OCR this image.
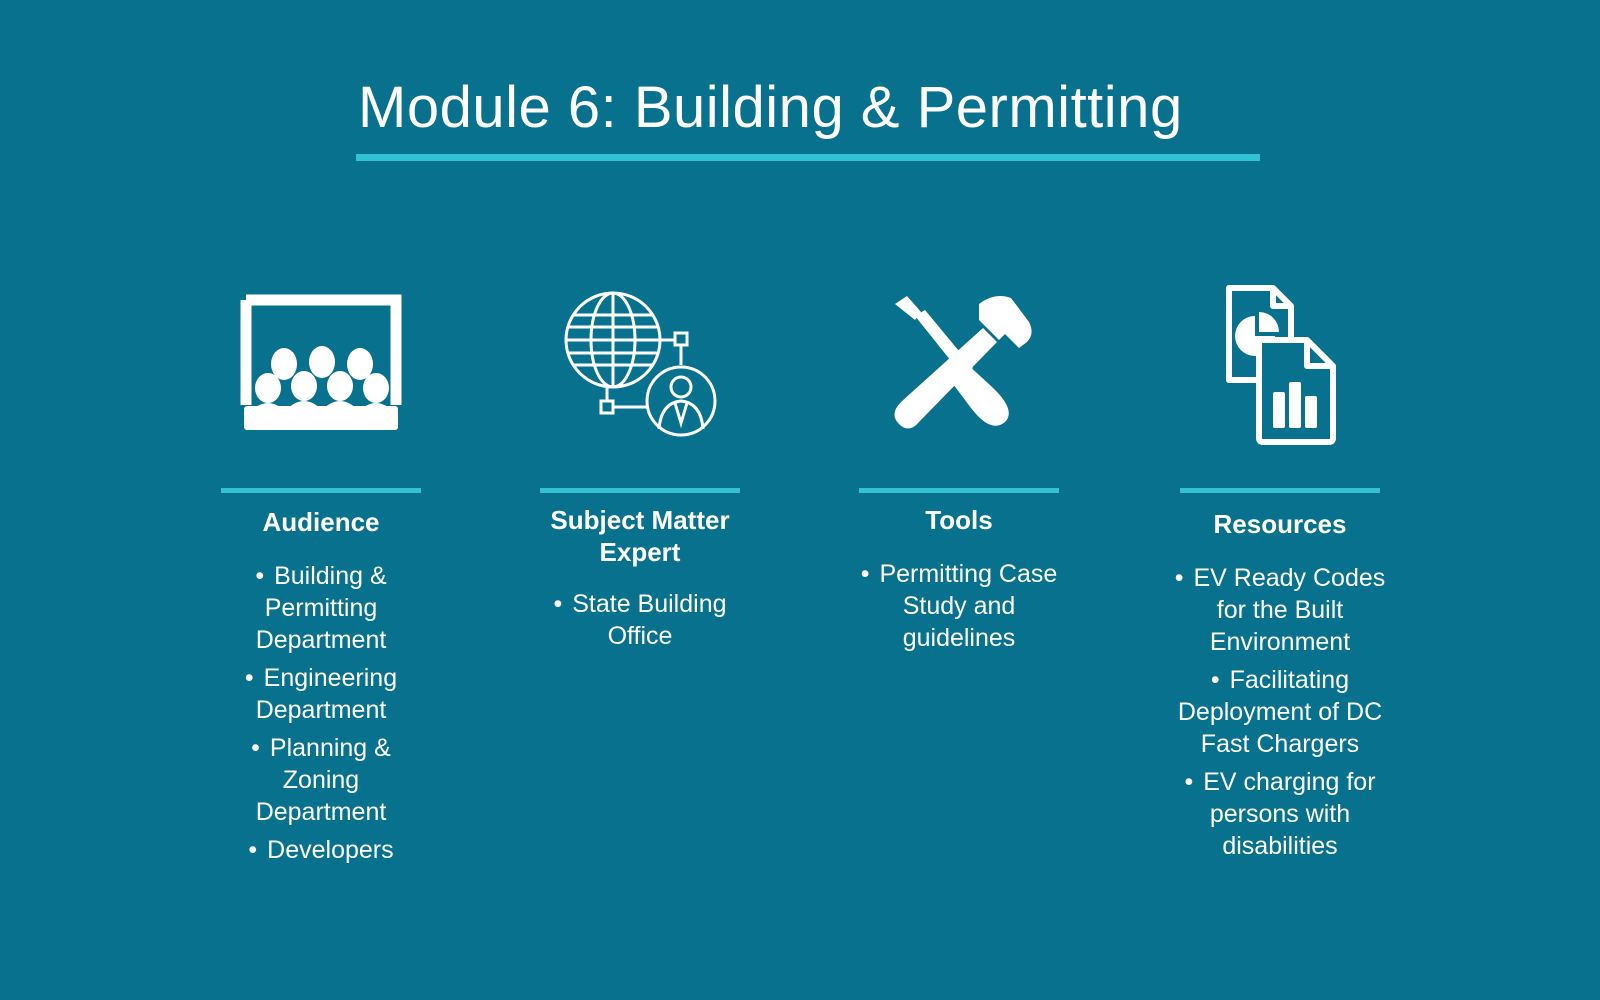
Module 6: Building & Permitting
Audience
• Building & Permitting Department
• Engineering Department
• Planning & Zoning Department
• Developers
Subject Matter Expert
• State Building Office
Tools
• Permitting Case Study and guidelines
Resources
• EV Ready Codes for the Built Environment
• Facilitating Deployment of DC Fast Chargers
• EV charging for persons with disabilities
